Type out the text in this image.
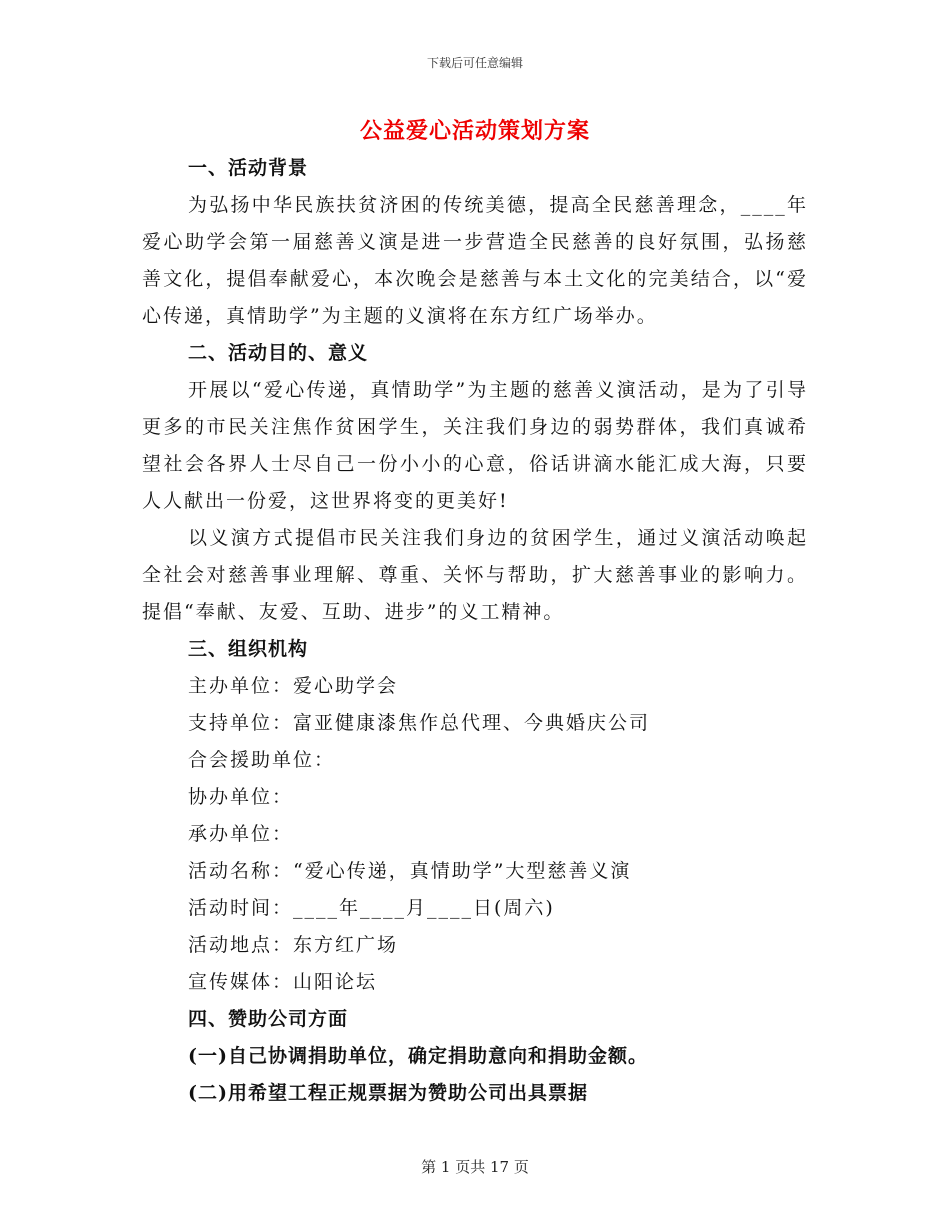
下载后可任意编辑
公益爱心活动策划方案

一、活动背景

为弘扬中华民族扶贫济困的传统美德，提高全民慈善理念，____年爱心助学会第一届慈善义演是进一步营造全民慈善的良好氛围，弘扬慈善文化，提倡奉献爱心，本次晚会是慈善与本土文化的完美结合，以“爱心传递，真情助学”为主题的义演将在东方红广场举办。

二、活动目的、意义

开展以“爱心传递，真情助学”为主题的慈善义演活动，是为了引导更多的市民关注焦作贫困学生，关注我们身边的弱势群体，我们真诚希望社会各界人士尽自己一份小小的心意，俗话讲滴水能汇成大海，只要人人献出一份爱，这世界将变的更美好!

以义演方式提倡市民关注我们身边的贫困学生，通过义演活动唤起全社会对慈善事业理解、尊重、关怀与帮助，扩大慈善事业的影响力。提倡“奉献、友爱、互助、进步”的义工精神。

三、组织机构

主办单位：爱心助学会

支持单位：富亚健康漆焦作总代理、今典婚庆公司

合会援助单位：

协办单位：

承办单位：

活动名称：“爱心传递，真情助学”大型慈善义演

活动时间：____年____月____日(周六)

活动地点：东方红广场

宣传媒体：山阳论坛

四、赞助公司方面

(一)自己协调捐助单位，确定捐助意向和捐助金额。

(二)用希望工程正规票据为赞助公司出具票据

第 1 页共 17 页
